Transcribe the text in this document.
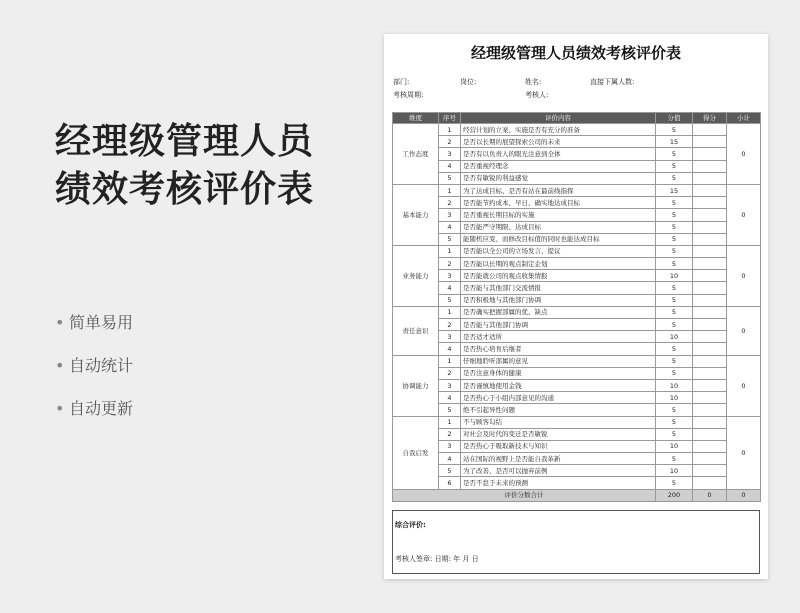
经理级管理人员
绩效考核评价表
• 简单易用
• 自动统计
• 自动更新
经理级管理人员绩效考核评价表
部门:	岗位:	姓名:	直接下属人数:
考核周期:	考核人:
维度	序号	评价内容	分值	得分	小计
工作态度	1	经营计划的立案、实施是否有充分的准备	5		0
	2	是否以长期的展望探索公司的未来	15		
	3	是否有以负责人的眼光注意到全体	5		
	4	是否重视经理念	5		
	5	是否有敏锐的利益感觉	5		
基本能力	1	为了达成目标、是否有站在最前线指挥	15		0
	2	是否能节约成本、早日、确实地达成目标	5		
	3	是否重视长期目标的实施	5		
	4	是否能严守期限、达成目标	5		
	5	能随机应变、而修改目标值的同时也能达成目标	5		
业务能力	1	是否能以全公司的立场发言、提议	5		0
	2	是否能以长期的观点制定企划	5		
	3	是否能就公司的观点收集情报	10		
	4	是否能与其他部门交流情报	5		
	5	是否积极地与其他部门协调	5		
责任意识	1	是否确实把握部属的优、缺点	5		0
	2	是否能与其他部门协调	5		
	3	是否适才适所	10		
	4	是否热心培育后继者	5		
协调能力	1	仔细地聆听部属的意见	5		0
	2	是否注意身体的健康	5		
	3	是否谨慎地使用金钱	10		
	4	是否热心于小组内部意见的沟通	10		
	5	绝不引起异性问题	5		
自我启发	1	不与顾客勾结	5		0
	2	对社会及时代的变迁是否敏锐	5		
	3	是否热心于吸取新技术与知识	10		
	4	站在国际的视野上是否能自我革新	5		
	5	为了改善、是否可以抛弃前例	10		
	6	是否不怠于未来的预测	5		
评价分数合计			200	0	0
综合评价:
考核人签章: 日期: 年 月 日
